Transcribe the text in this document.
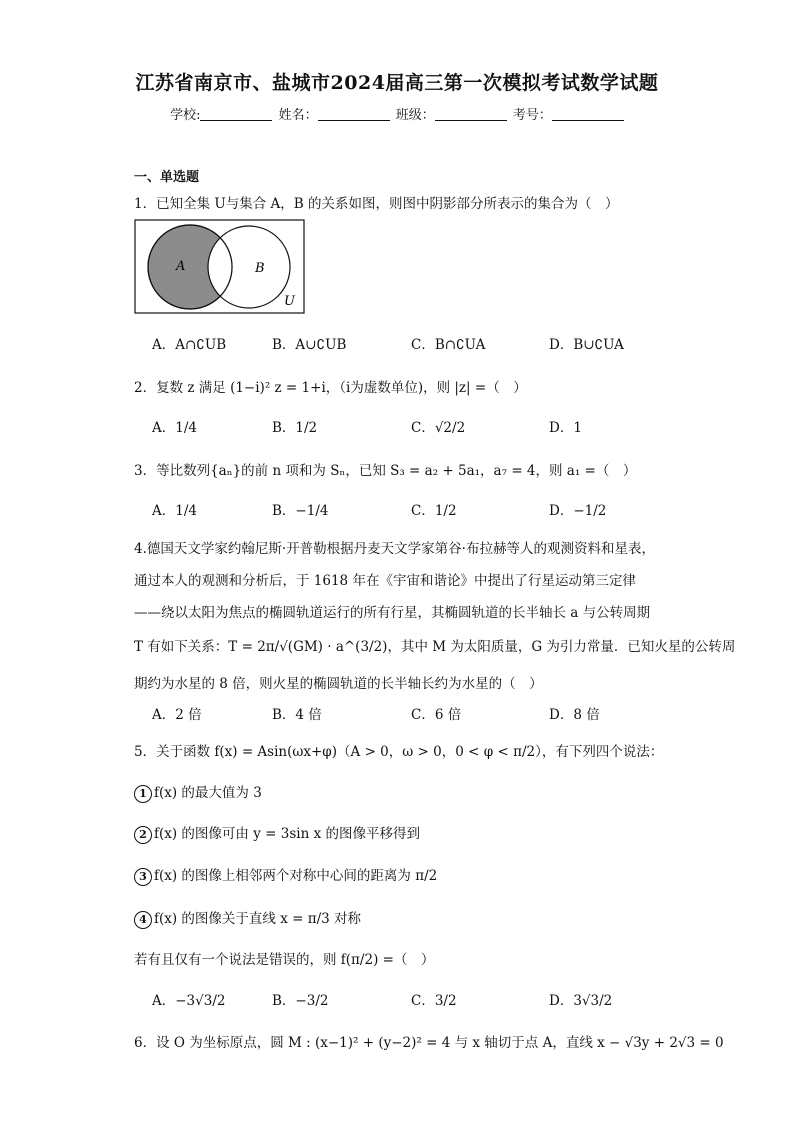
江苏省南京市、盐城市2024届高三第一次模拟考试数学试题
学校:	姓名：	班级：	考号：
一、单选题
1．已知全集 U与集合 A，B 的关系如图，则图中阴影部分所表示的集合为（　）
A	B
U
A．A∩∁UB	B．A∪∁UB	C．B∩∁UA	D．B∪∁UA
2．复数 z 满足 (1−i)² z = 1+i，（i为虚数单位)，则 |z| =（　）
A．1/4	B．1/2	C．√2/2	D．1
3．等比数列{aₙ}的前 n 项和为 Sₙ，已知 S₃ = a₂ + 5a₁，a₇ = 4，则 a₁ =（　）
A．1/4	B．−1/4	C．1/2	D．−1/2
4.德国天文学家约翰尼斯·开普勒根据丹麦天文学家第谷·布拉赫等人的观测资料和星表，
通过本人的观测和分析后，于 1618 年在《宇宙和谐论》中提出了行星运动第三定律
——绕以太阳为焦点的椭圆轨道运行的所有行星，其椭圆轨道的长半轴长 a 与公转周期
T 有如下关系：T = 2π/√(GM) · a^(3/2)，其中 M 为太阳质量，G 为引力常量．已知火星的公转周
期约为水星的 8 倍，则火星的椭圆轨道的长半轴长约为水星的（　）
A．2 倍	B．4 倍	C．6 倍	D．8 倍
5．关于函数 f(x) = Asin(ωx+φ)（A > 0，ω > 0，0 < φ < π/2），有下列四个说法：
1 f(x) 的最大值为 3
2 f(x) 的图像可由 y = 3sin x 的图像平移得到
3 f(x) 的图像上相邻两个对称中心间的距离为 π/2
4 f(x) 的图像关于直线 x = π/3 对称
若有且仅有一个说法是错误的，则 f(π/2) =（　）
A．−3√3/2	B．−3/2	C．3/2	D．3√3/2
6．设 O 为坐标原点，圆 M : (x−1)² + (y−2)² = 4 与 x 轴切于点 A，直线 x − √3y + 2√3 = 0
